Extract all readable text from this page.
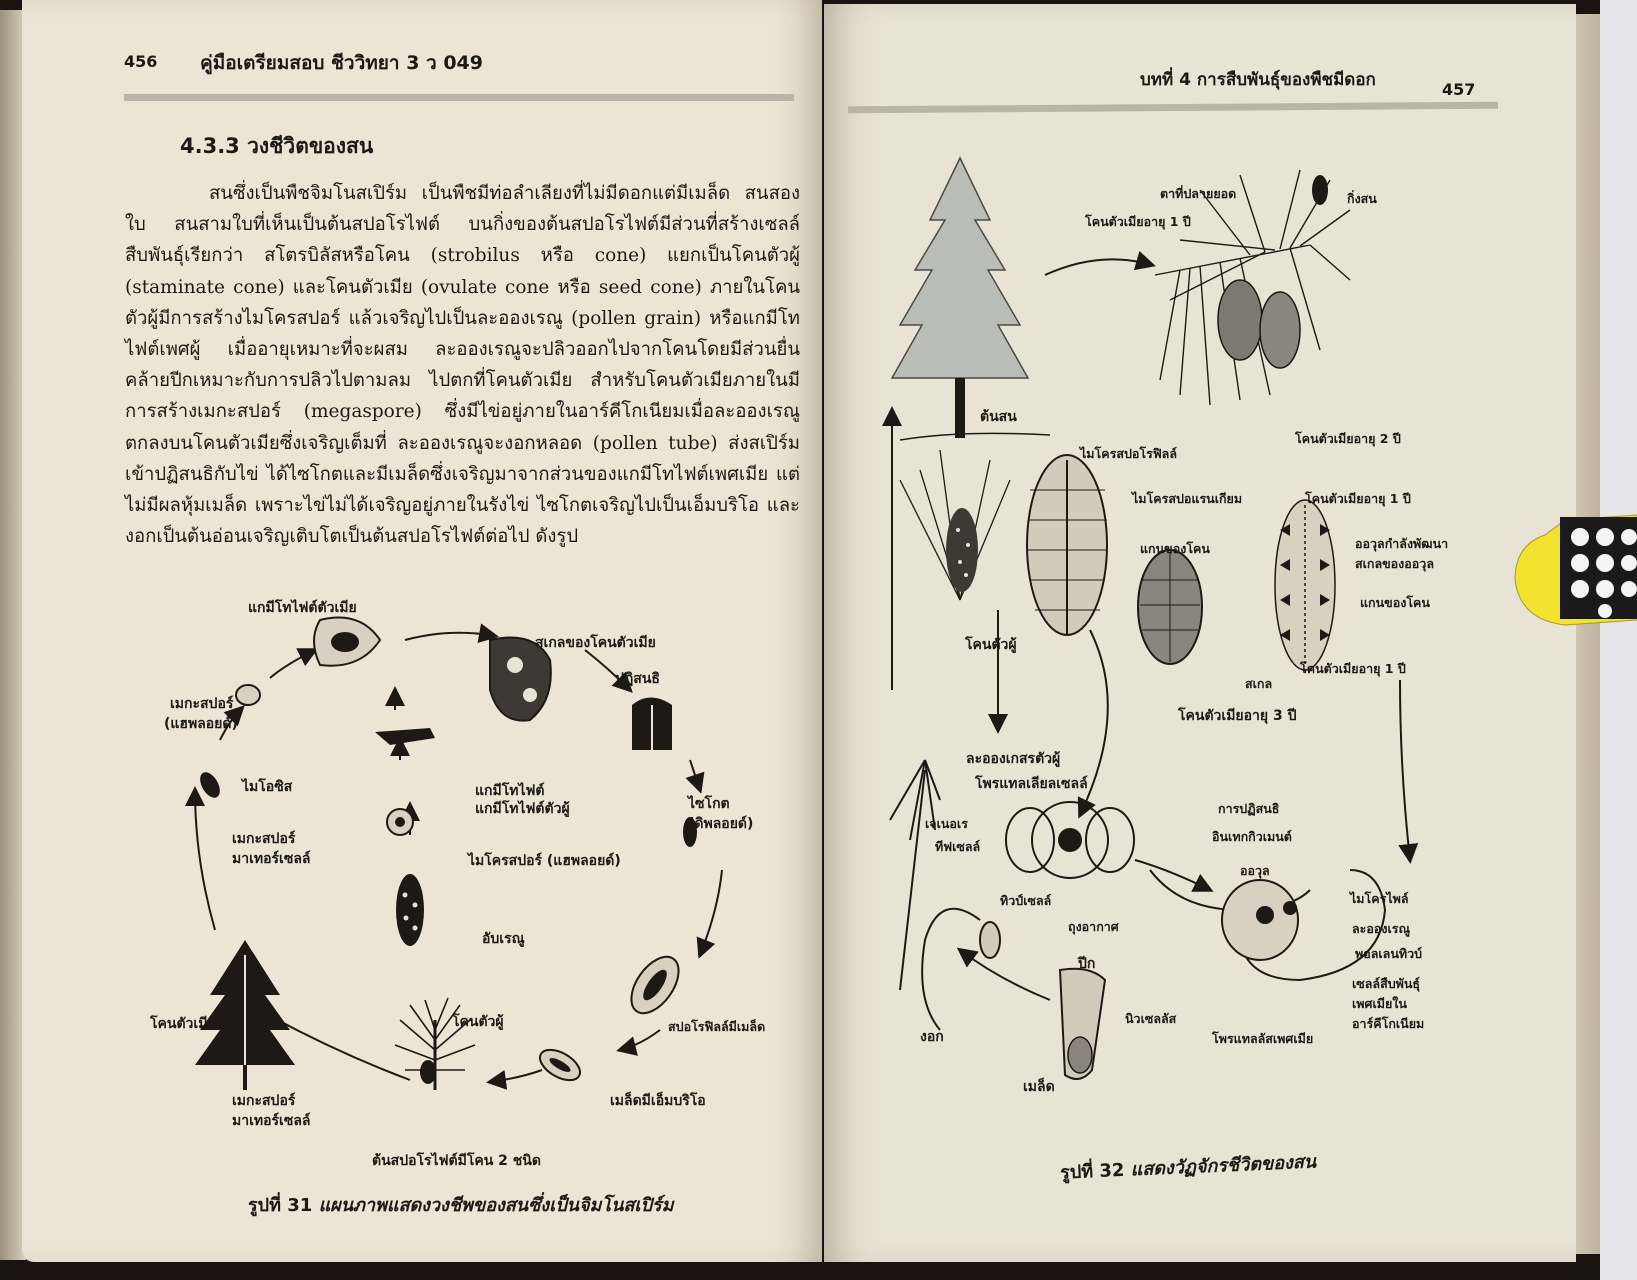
456 คู่มือเตรียมสอบ ชีววิทยา 3 ว 049
4.3.3 วงชีวิตของสน

สนซึ่งเป็นพืชจิมโนสเปิร์ม เป็นพืชมีท่อลำเลียงที่ไม่มีดอกแต่มีเมล็ด สนสองใบ สนสามใบที่เห็นเป็นต้นสปอโรไฟต์ บนกิ่งของต้นสปอโรไฟต์มีส่วนที่สร้างเซลล์สืบพันธุ์เรียกว่า สโตรบิลัสหรือโคน (strobilus หรือ cone) แยกเป็นโคนตัวผู้ (staminate cone) และโคนตัวเมีย (ovulate cone หรือ seed cone) ภายในโคนตัวผู้มีการสร้างไมโครสปอร์ แล้วเจริญไปเป็นละอองเรณู (pollen grain) หรือแกมีโทไฟต์เพศผู้ เมื่ออายุเหมาะที่จะผสม ละอองเรณูจะปลิวออกไปจากโคนโดยมีส่วนยื่นคล้ายปีกเหมาะกับการปลิวไปตามลม ไปตกที่โคนตัวเมีย สำหรับโคนตัวเมียภายในมีการสร้างเมกะสปอร์ (megaspore) ซึ่งมีไข่อยู่ภายในอาร์คีโกเนียมเมื่อละอองเรณูตกลงบนโคนตัวเมียซึ่งเจริญเต็มที่ ละอองเรณูจะงอกหลอด (pollen tube) ส่งสเปิร์มเข้าปฏิสนธิกับไข่ ได้ไซโกตและมีเมล็ดซึ่งเจริญมาจากส่วนของแกมีโทไฟต์เพศเมีย แต่ไม่มีผลหุ้มเมล็ด เพราะไข่ไม่ได้เจริญอยู่ภายในรังไข่ ไซโกตเจริญไปเป็นเอ็มบริโอ และงอกเป็นต้นอ่อนเจริญเติบโตเป็นต้นสปอโรไฟต์ต่อไป ดังรูป

แกมีโทไฟต์ตัวเมีย
สเกลของโคนตัวเมีย
ปฏิสนธิ
เมกะสปอร์
(แฮพลอยด์)
ไมโอซิส	แกมีโทไฟต์
แกมีโทไฟต์ตัวผู้	ไซโกต
(ดิพลอยด์)
เมกะสปอร์
มาเทอร์เซลล์	ไมโครสปอร์ (แฮพลอยด์)
อับเรณู
โคนตัวเมีย	โคนตัวผู้	สปอโรฟิลล์มีเมล็ด
เมกะสปอร์
มาเทอร์เซลล์
เมล็ดมีเอ็มบริโอ
ต้นสปอโรไฟต์มีโคน 2 ชนิด
รูปที่ 31 แผนภาพแสดงวงชีพของสนซึ่งเป็นจิมโนสเปิร์ม
บทที่ 4 การสืบพันธุ์ของพืชมีดอก	457
ตาที่ปลายยอด	กิ่งสน
โคนตัวเมียอายุ 1 ปี
ต้นสน
ไมโครสปอโรฟิลล์
โคนตัวเมียอายุ 2 ปี
ไมโครสปอแรนเกียม	โคนตัวเมียอายุ 1 ปี
แกนของโคน	ออวุลกำลังพัฒนา
สเกลของออวุล
แกนของโคน
โคนตัวผู้
สเกล
โคนตัวเมียอายุ 1 ปี
โคนตัวเมียอายุ 3 ปี
ละอองเกสรตัวผู้
โพรแทลเลียลเซลล์
การปฏิสนธิ
อินเทกกิวเมนต์
เจเนอเร
ทีฟเซลล์
ออวุล
ไมโครไพล์
ทิวป์เซลล์
ถุงอากาศ	ละอองเรณู
พอลเลนทิวบ์
ปีก
เซลล์สืบพันธุ์
เพศเมียใน
อาร์คีโกเนียม
งอก
นิวเซลลัส
โพรแทลลัสเพศเมีย
เมล็ด
รูปที่ 32 แสดงวัฏจักรชีวิตของสน
